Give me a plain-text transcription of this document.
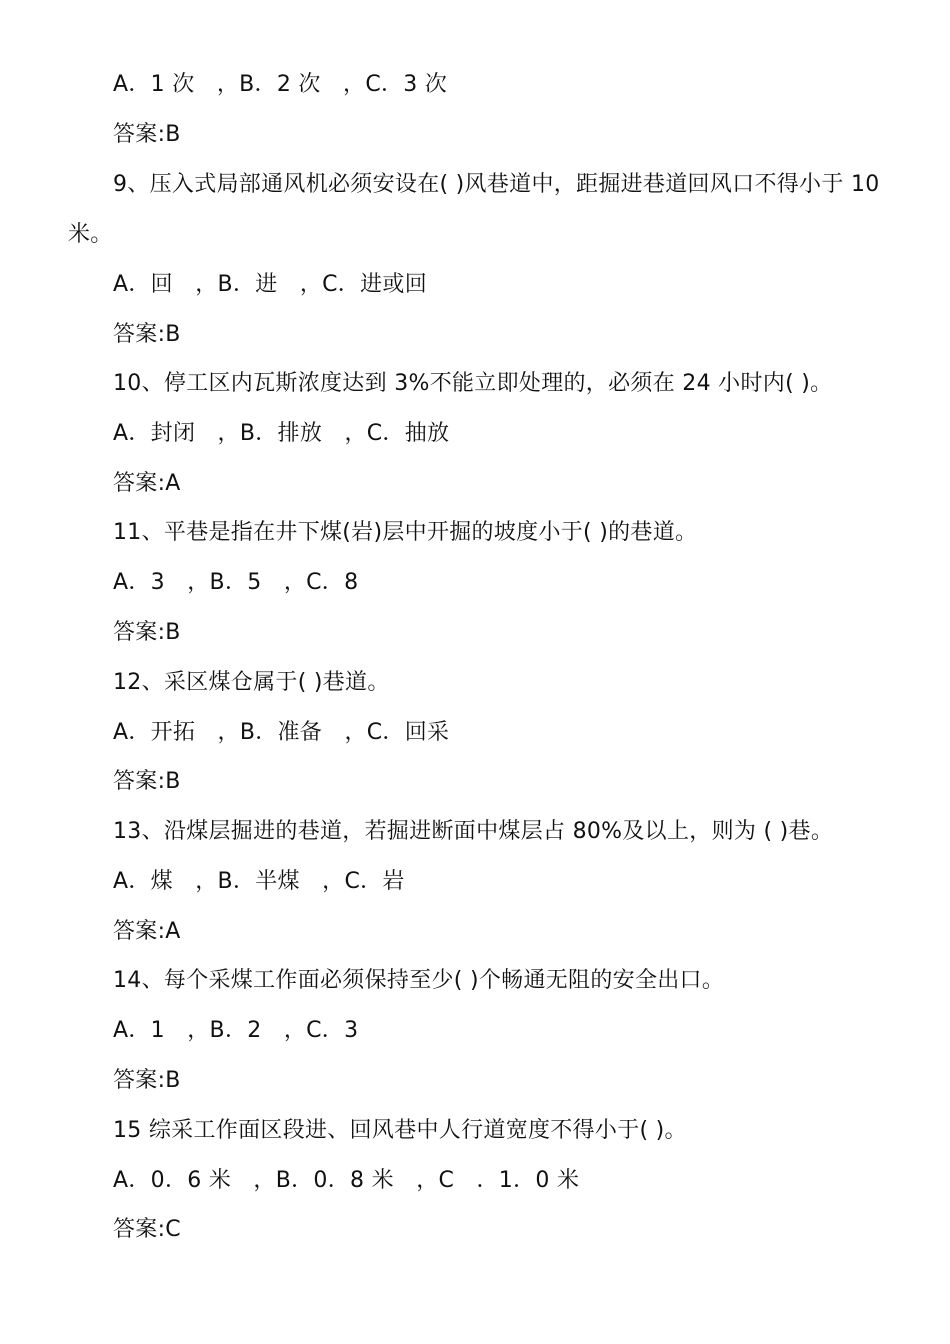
A．1 次　，B．2 次　，C．3 次
答案:B
9、压入式局部通风机必须安设在( )风巷道中，距掘进巷道回风口不得小于 10
米。
A．回　，B．进　，C．进或回
答案:B
10、停工区内瓦斯浓度达到 3%不能立即处理的，必须在 24 小时内( )。
A．封闭　，B．排放　，C．抽放
答案:A
11、平巷是指在井下煤(岩)层中开掘的坡度小于( )的巷道。
A．3　，B．5　，C．8
答案:B
12、采区煤仓属于( )巷道。
A．开拓　，B．准备　，C．回采
答案:B
13、沿煤层掘进的巷道，若掘进断面中煤层占 80%及以上，则为 ( )巷。
A．煤　，B．半煤　，C．岩
答案:A
14、每个采煤工作面必须保持至少( )个畅通无阻的安全出口。
A．1　，B．2　，C．3
答案:B
15 综采工作面区段进、回风巷中人行道宽度不得小于( )。
A．0．6 米　，B．0．8 米　，C　．1．0 米
答案:C
